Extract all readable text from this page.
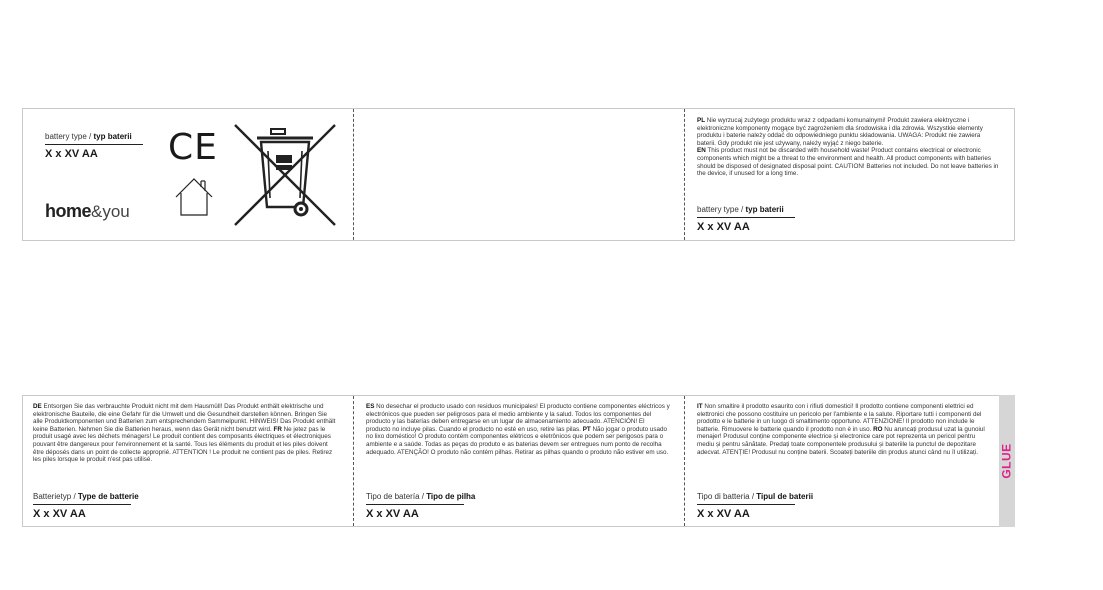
battery type / typ baterii
X x XV AA CE
home&you

PL Nie wyrzucaj zużytego produktu wraz z odpadami komunalnymi! Produkt zawiera elektryczne i elektroniczne komponenty mogące być zagrożeniem dla środowiska i dla zdrowia. Wszystkie elementy produktu i baterie należy oddać do odpowiedniego punktu składowania. UWAGA: Produkt nie zawiera baterii. Gdy produkt nie jest używany, należy wyjąć z niego baterie.
EN This product must not be discarded with household waste! Product contains electrical or electronic components which might be a threat to the environment and health. All product components with batteries should be disposed of designated disposal point. CAUTION! Batteries not included. Do not leave batteries in the device, if unused for a long time.

battery type / typ baterii
X x XV AA

DE Entsorgen Sie das verbrauchte Produkt nicht mit dem Hausmüll! Das Produkt enthält elektrische und elektronische Bauteile, die eine Gefahr für die Umwelt und die Gesundheit darstellen können. Bringen Sie alle Produktkomponenten und Batterien zum entsprechendem Sammelpunkt. HINWEIS! Das Produkt enthält keine Batterien. Nehmen Sie die Batterien heraus, wenn das Gerät nicht benutzt wird. FR Ne jetez pas le produit usagé avec les déchets ménagers! Le produit contient des composants électriques et électroniques pouvant être dangereux pour l'environnement et la santé. Tous les éléments du produit et les piles doivent être déposés dans un point de collecte approprié. ATTENTION ! Le produit ne contient pas de piles. Retirez les piles lorsque le produit n'est pas utilisé.

Batterietyp / Type de batterie
X x XV AA

ES No desechar el producto usado con residuos municipales! El producto contiene componentes eléctricos y electrónicos que pueden ser peligrosos para el medio ambiente y la salud. Todos los componentes del producto y las baterías deben entregarse en un lugar de almacenamiento adecuado. ATENCIÓN! El producto no incluye pilas. Cuando el producto no esté en uso, retire las pilas. PT Não jogar o produto usado no lixo doméstico! O produto contém componentes elétricos e eletrônicos que podem ser perigosos para o ambiente e a saúde. Todas as peças do produto e as baterias devem ser entregues num ponto de recolha adequado. ATENÇÃO! O produto não contém pilhas. Retirar as pilhas quando o produto não estiver em uso.

Tipo de batería / Tipo de pilha
X x XV AA

IT Non smaltire il prodotto esaurito con i rifiuti domestici! Il prodotto contiene componenti elettrici ed elettronici che possono costituire un pericolo per l'ambiente e la salute. Riportare tutti i componenti del prodotto e le batterie in un luogo di smaltimento opportuno. ATTENZIONE! Il prodotto non include le batterie. Rimuovere le batterie quando il prodotto non è in uso. RO Nu aruncați produsul uzat la gunoiul menajer! Produsul conține componente electrice și electronice care pot reprezenta un pericol pentru mediu și pentru sănătate. Predați toate componentele produsului și bateriile la punctul de depozitare adecvat. ATENȚIE! Produsul nu conține baterii. Scoateți bateriile din produs atunci când nu îl utilizați.

Tipo di batteria / Tipul de baterii
X x XV AA
GLUE
